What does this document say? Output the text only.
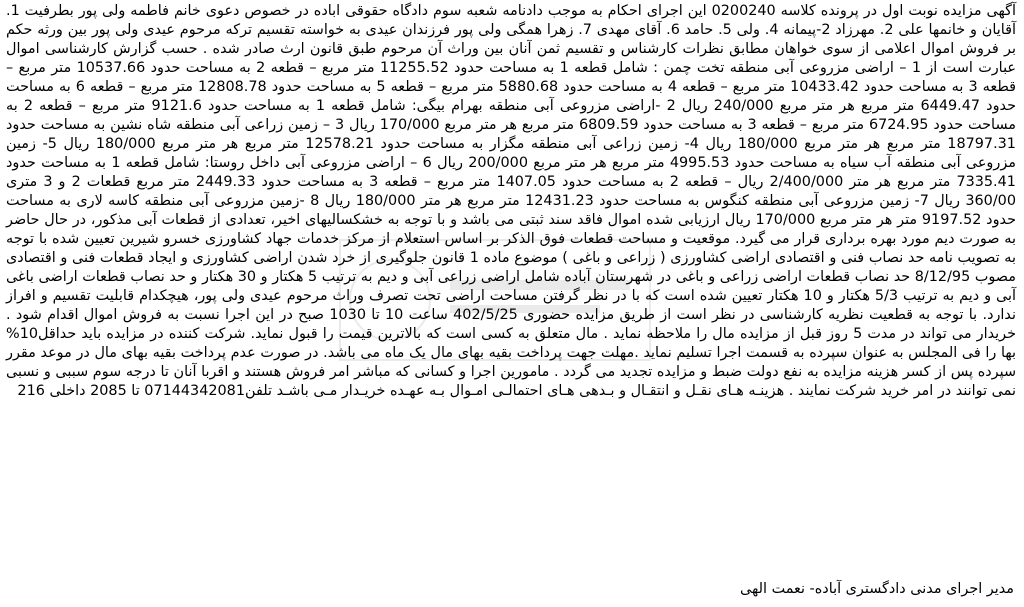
آگهی مزایده نوبت اول در پرونده کلاسه 0200240 این اجرای احکام به موجب دادنامه شعبه سوم دادگاه حقوقی اباده در خصوص دعوی خانم فاطمه ولی پور بطرفیت 1. آقایان و خانمها علی 2. مهرزاد 2-پیمانه 4. ولی 5. حامد 6. آقای مهدی 7. زهرا همگی ولی پور فرزندان عیدی به خواسته تقسیم ترکه مرحوم عیدی ولی پور بین ورثه حکم بر فروش اموال اعلامی از سوی خواهان مطابق نظرات کارشناس و تقسیم ثمن آنان بین وراث آن مرحوم طبق قانون ارث صادر شده . حسب گزارش کارشناسی اموال عبارت است از 1 – اراضی مزروعی آبی منطقه تخت چمن : شامل قطعه 1 به مساحت حدود 11255.52 متر مربع – قطعه 2 به مساحت حدود 10537.66 متر مربع – قطعه 3 به مساحت حدود 10433.42 متر مربع – قطعه 4 به مساحت حدود 5880.68 متر مربع – قطعه 5 به مساحت حدود 12808.78 متر مربع – قطعه 6 به مساحت حدود 6449.47 متر مربع هر متر مربع 240/000 ریال 2 -اراضی مزروعی آبی منطقه بهرام بیگی: شامل قطعه 1 به مساحت حدود 9121.6 متر مربع – قطعه 2 به مساحت حدود 6724.95 متر مربع – قطعه 3 به مساحت حدود 6809.59 متر مربع هر متر مربع 170/000 ریال 3 – زمین زراعی آبی منطقه شاه نشین به مساحت حدود 18797.31 متر مربع هر متر مربع 180/000 ریال 4- زمین زراعی آبی منطقه مگزار به مساحت حدود 12578.21 متر مربع هر متر مربع 180/000 ریال 5- زمین مزروعی آبی منطقه آب سیاه به مساحت حدود 4995.53 متر مربع هر متر مربع 200/000 ریال 6 – اراضی مزروعی آبی داخل روستا: شامل قطعه 1 به مساحت حدود 7335.41 متر مربع هر متر 2/400/000 ریال – قطعه 2 به مساحت حدود 1407.05 متر مربع – قطعه 3 به مساحت حدود 2449.33 متر مربع قطعات 2 و 3 متری 360/00 ریال 7- زمین مزروعی آبی منطقه کنگوس به مساحت حدود 12431.23 متر مربع هر متر 180/000 ریال 8 -زمین مزروعی آبی منطقه کاسه لاری به مساحت حدود 9197.52 متر هر متر مربع 170/000 ریال ارزیابی شده اموال فاقد سند ثبتی می باشد و با توجه به خشکسالیهای اخیر، تعدادی از قطعات آبی مذکور، در حال حاضر به صورت دیم مورد بهره برداری قرار می گیرد. موقعیت و مساحت قطعات فوق الذکر بر اساس استعلام از مرکز خدمات جهاد کشاورزی خسرو شیرین تعیین شده با توجه به تصویب نامه حد نصاب فنی و اقتصادی اراضی کشاورزی ( زراعی و باغی ) موضوع ماده 1 قانون جلوگیری از خرد شدن اراضی کشاورزی و ایجاد قطعات فنی و اقتصادی مصوب 8/12/95 حد نصاب قطعات اراضی زراعی و باغی در شهرستان آباده شامل اراضی زراعی آبی و دیم به ترتیب 5 هکتار و 30 هکتار و حد نصاب قطعات اراضی باغی آبی و دیم به ترتیب 5/3 هکتار و 10 هکتار تعیین شده است که با در نظر گرفتن مساحت اراضی تحت تصرف وراث مرحوم عیدی ولی پور، هیچکدام قابلیت تقسیم و افراز ندارد. با توجه به قطعیت نظریه کارشناسی در نظر است از طریق مزایده حضوری 402/5/25 ساعت 10 تا 1030 صبح در این اجرا نسبت به فروش اموال اقدام شود . خریدار می تواند در مدت 5 روز قبل از مزایده مال را ملاحظه نماید . مال متعلق به کسی است که بالاترین قیمت را قبول نماید. شرکت کننده در مزایده باید حداقل10% بها را فی المجلس به عنوان سپرده به قسمت اجرا تسلیم نماید .مهلت جهت پرداخت بقیه بهای مال یک ماه می باشد. در صورت عدم پرداخت بقیه بهای مال در موعد مقرر سپرده پس از کسر هزینه مزایده به نفع دولت ضبط و مزایده تجدید می گردد . مامورین اجرا و کسانی که مباشر امر فروش هستند و اقربا آنان تا درجه سوم سببی و نسبی نمی توانند در امر خرید شرکت نمایند . هزینـه هـای نقـل و انتقـال و بـدهی هـای احتمالـی امـوال بـه عهـده خریـدار مـی باشـد تلفن07144342081 تا 2085 داخلی 216

مدیر اجرای مدنی دادگستری آباده- نعمت الهی
